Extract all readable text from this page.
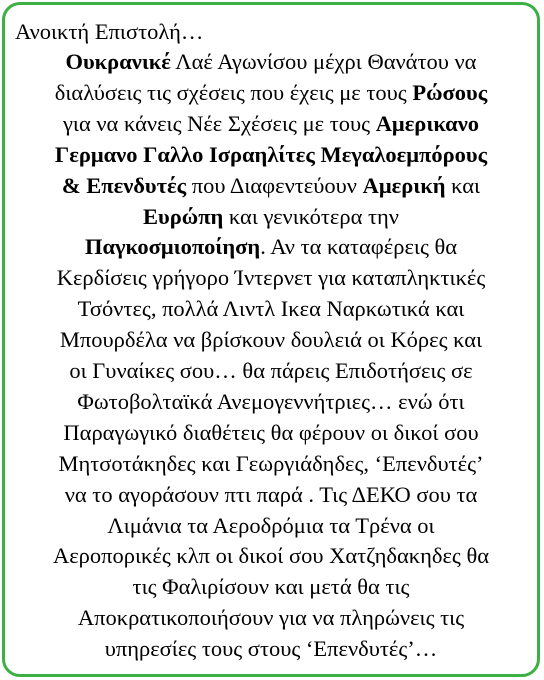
Ανοικτή Επιστολή…
Ουκρανικέ Λαέ Αγωνίσου μέχρι Θανάτου να
διαλύσεις τις σχέσεις που έχεις με τους Ρώσους
για να κάνεις Νέε Σχέσεις με τους Αμερικανο
Γερμανο Γαλλο Ισραηλίτες Μεγαλοεμπόρους
& Επενδυτές που Διαφεντεύουν Αμερική και
Ευρώπη και γενικότερα την
Παγκοσμιοποίηση. Αν τα καταφέρεις θα
Κερδίσεις γρήγορο Ίντερνετ για καταπληκτικές
Τσόντες, πολλά Λιντλ Ικεα Ναρκωτικά και
Μπουρδέλα να βρίσκουν δουλειά οι Κόρες και
οι Γυναίκες σου… θα πάρεις Επιδοτήσεις σε
Φωτοβολταϊκά Ανεμογεννήτριες… ενώ ότι
Παραγωγικό διαθέτεις θα φέρουν οι δικοί σου
Μητσοτάκηδες και Γεωργιάδηδες, ‘Επενδυτές’
να το αγοράσουν πτι παρά . Τις ΔΕΚΟ σου τα
Λιμάνια τα Αεροδρόμια τα Τρένα οι
Αεροπορικές κλπ οι δικοί σου Χατζηδακηδες θα
τις Φαλιρίσουν και μετά θα τις
Αποκρατικοποιήσουν για να πληρώνεις τις
υπηρεσίες τους στους ‘Επενδυτές’…
